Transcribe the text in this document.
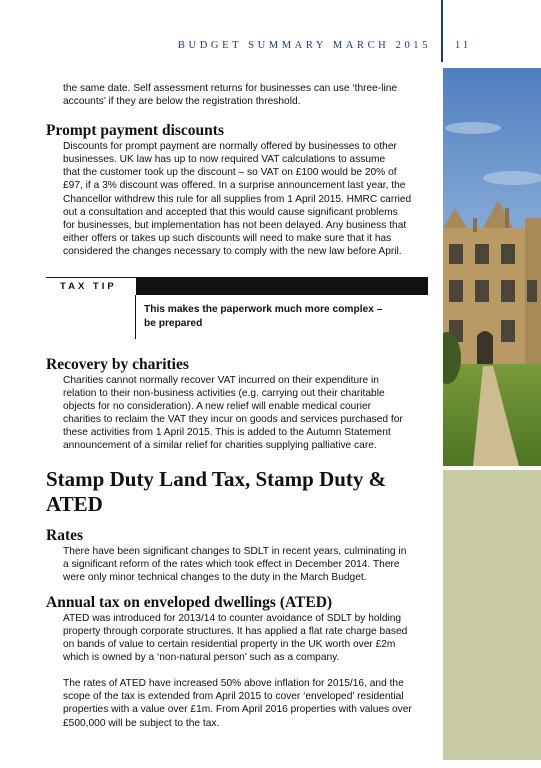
BUDGET SUMMARY MARCH 2015 11

the same date. Self assessment returns for businesses can use ‘three-line
accounts’ if they are below the registration threshold.

Prompt payment discounts

Discounts for prompt payment are normally offered by businesses to other
businesses. UK law has up to now required VAT calculations to assume
that the customer took up the discount – so VAT on £100 would be 20% of
£97, if a 3% discount was offered. In a surprise announcement last year, the
Chancellor withdrew this rule for all supplies from 1 April 2015. HMRC carried
out a consultation and accepted that this would cause significant problems
for businesses, but implementation has not been delayed. Any business that
either offers or takes up such discounts will need to make sure that it has
considered the changes necessary to comply with the new law before April.

TAX TIP
This makes the paperwork much more complex –
be prepared
Recovery by charities

Charities cannot normally recover VAT incurred on their expenditure in
relation to their non-business activities (e.g. carrying out their charitable
objects for no consideration). A new relief will enable medical courier
charities to reclaim the VAT they incur on goods and services purchased for
these activities from 1 April 2015. This is added to the Autumn Statement
announcement of a similar relief for charities supplying palliative care.

Stamp Duty Land Tax, Stamp Duty & ATED
Rates

There have been significant changes to SDLT in recent years, culminating in
a significant reform of the rates which took effect in December 2014. There
were only minor technical changes to the duty in the March Budget.

Annual tax on enveloped dwellings (ATED)

ATED was introduced for 2013/14 to counter avoidance of SDLT by holding
property through corporate structures. It has applied a flat rate charge based
on bands of value to certain residential property in the UK worth over £2m
which is owned by a ‘non-natural person’ such as a company.

The rates of ATED have increased 50% above inflation for 2015/16, and the
scope of the tax is extended from April 2015 to cover ‘enveloped’ residential
properties with a value over £1m. From April 2016 properties with values over
£500,000 will be subject to the tax.
